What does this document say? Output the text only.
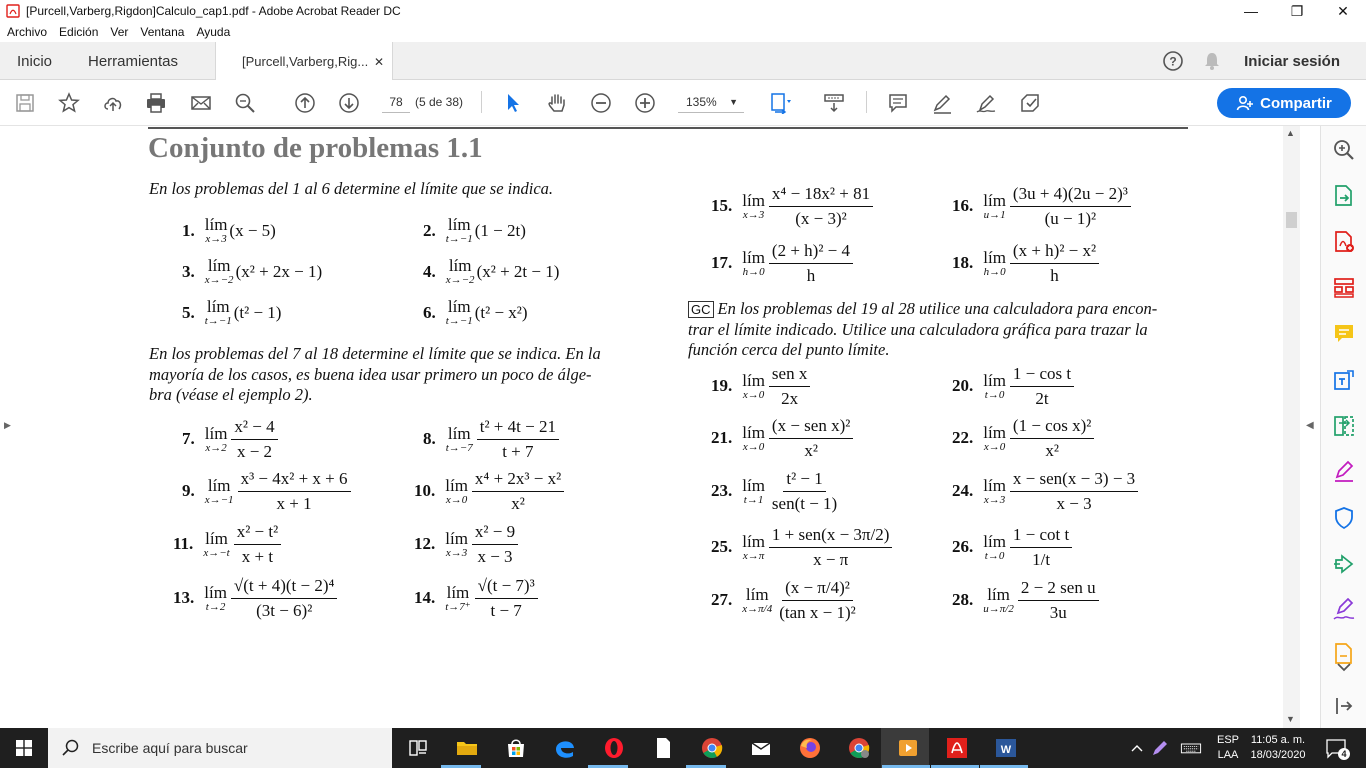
[Purcell,Varberg,Rigdon]Calculo_cap1.pdf - Adobe Acrobat Reader DC	—	❐	✕
Archivo Edición Ver Ventana Ayuda
Inicio Herramientas	[Purcell,Varberg,Rig... ✕	?	Iniciar sesión
78	(5 de 38)	135% ▼	Compartir
Conjunto de problemas 1.1
En los problemas del 1 al 6 determine el límite que se indica.
1. lím
x→3 (x − 5)	2. lím
t→−1 (1 − 2t)
3. lím
x→−2 (x² + 2x − 1)	4. lím
x→−2 (x² + 2t − 1)
5. lím
t→−1 (t² − 1)	6. lím
t→−1 (t² − x²)
En los problemas del 7 al 18 determine el límite que se indica. En la
mayoría de los casos, es buena idea usar primero un poco de álge-
bra (véase el ejemplo 2).
7. lím
$x\to 2 \frac{\text{x² − 4}}{x - 2}$	8. lím
$t\to-7 \frac{\text{t² + 4t − 21}}{t + 7}$
9. lím
$x\to-1 \frac{\text{x³ − 4x² + x + 6}}{x + 1}$	10. lím
$x\to 0 \frac{\text{x⁴ + 2x³ − x²}}{\text{x²}}$
11. lím
$x\to-t \frac{\text{x² − t²}}{x + t}$	12. lím
$x\to 3 \frac{\text{x² − 9}}{x - 3}$
13. lím
$t\to 2 \frac{\text{√(t + 4)(t − 2)⁴}}{\text{(3t − 6)²}}$	14. lím
$t\to 7^+ \frac{\text{√(t − 7)³}}{t - 7}$
15. lím
$x\to 3 \frac{\text{x⁴ − 18x² + 81}}{\text{(x − 3)²}}$	16. lím
$u\to 1 \frac{\text{(3u + 4)(2u − 2)³}}{\text{(u − 1)²}}$
17. lím
$h\to 0 \frac{\text{(2 + h)² − 4}}{h}$	18. lím
$h\to 0 \frac{\text{(x + h)² − x²}}{h}$
GC En los problemas del 19 al 28 utilice una calculadora para encon-
trar el límite indicado. Utilice una calculadora gráfica para trazar la
función cerca del punto límite.
19. lím
$x\to 0 \frac{\text{sen x}}{2x}$	20. lím
$t\to 0 \frac{\text{1 − cos t}}{2t}$
21. lím
$x\to 0 \frac{\text{(x − sen x)²}}{\text{x²}}$	22. lím
$x\to 0 \frac{\text{(1 − cos x)²}}{\text{x²}}$
23. lím
$t\to 1 \frac{\text{t² − 1}}{\text{sen(t − 1)}}$	24. lím
$x\to 3 \frac{\text{x − sen(x − 3) − 3}}{x - 3}$
25. lím
$x\to\pi \frac{\text{1 + sen(x − 3π/2)}}{x - \pi}$	26. lím
$t\to 0 \frac{\text{1 − cot t}}{1/t}$
27. lím
$x\to\pi/4 \frac{\text{(x − π/4)²}}{\text{(tan x − 1)²}}$	28. lím
$u\to\pi/2 \frac{\text{2 − 2 sen u}}{3u}$
▶
▲
▼
◀
Escribe aquí para buscar	W
ESP
LAA
11:05 a. m.
18/03/2020	4
